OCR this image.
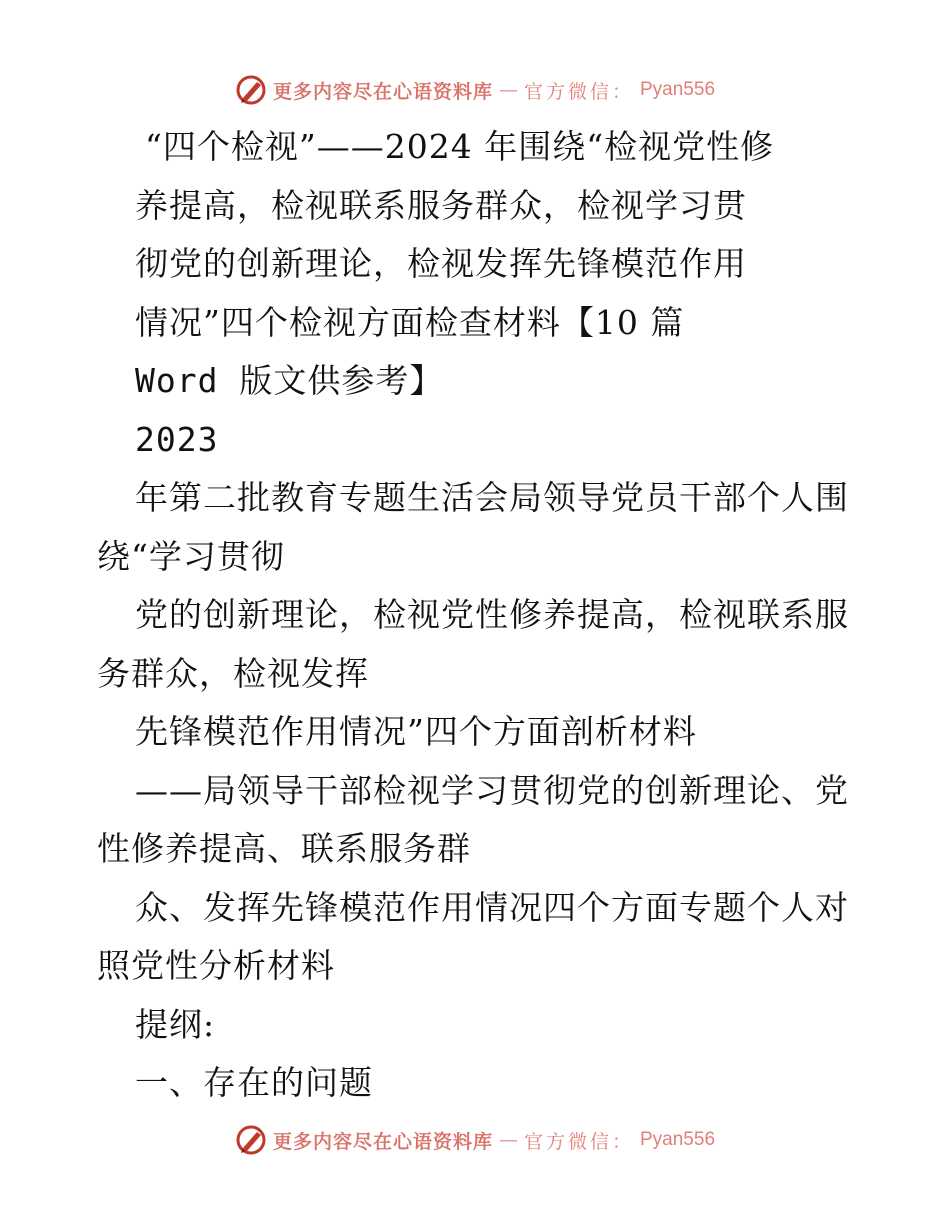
更多内容尽在心语资料库 — 官方微信： Pyan556
“四个检视”——2024 年围绕“检视党性修
养提高，检视联系服务群众，检视学习贯
彻党的创新理论，检视发挥先锋模范作用
情况”四个检视方面检查材料【10 篇
Word 版文供参考】
2023
年第二批教育专题生活会局领导党员干部个人围
绕“学习贯彻
党的创新理论，检视党性修养提高，检视联系服
务群众，检视发挥
先锋模范作用情况”四个方面剖析材料
——局领导干部检视学习贯彻党的创新理论、党
性修养提高、联系服务群
众、发挥先锋模范作用情况四个方面专题个人对
照党性分析材料
提纲:
一、存在的问题
更多内容尽在心语资料库 — 官方微信： Pyan556
